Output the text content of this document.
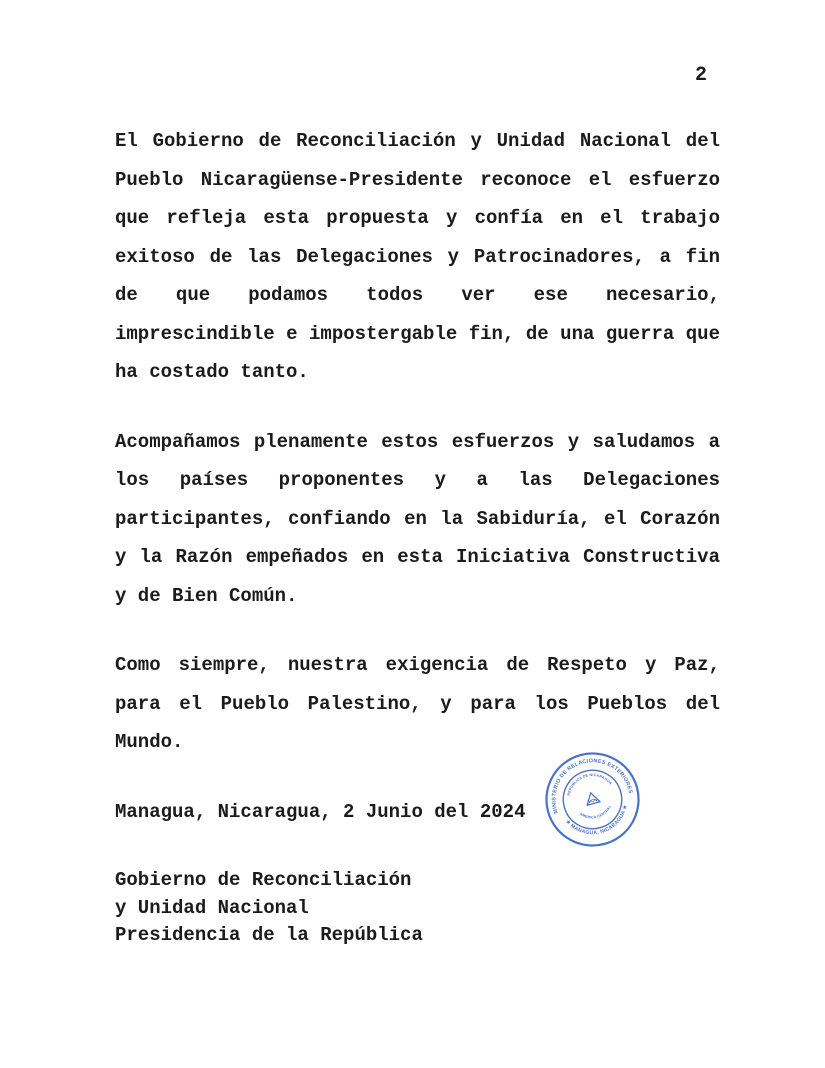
2

El Gobierno de Reconciliación y Unidad Nacional del Pueblo Nicaragüense-Presidente reconoce el esfuerzo que refleja esta propuesta y confía en el trabajo exitoso de las Delegaciones y Patrocinadores, a fin de que podamos todos ver ese necesario, imprescindible e impostergable fin, de una guerra que ha costado tanto.

Acompañamos plenamente estos esfuerzos y saludamos a los países proponentes y a las Delegaciones participantes, confiando en la Sabiduría, el Corazón y la Razón empeñados en esta Iniciativa Constructiva y de Bien Común.

Como siempre, nuestra exigencia de Respeto y Paz, para el Pueblo Palestino, y para los Pueblos del Mundo.

Managua, Nicaragua, 2 Junio del 2024

Gobierno de Reconciliación
y Unidad Nacional
Presidencia de la República
MINISTERIO DE RELACIONES EXTERIORES
★ MANAGUA, NICARAGUA ★
REPUBLICA DE NICARAGUA
AMERICA CENTRAL
